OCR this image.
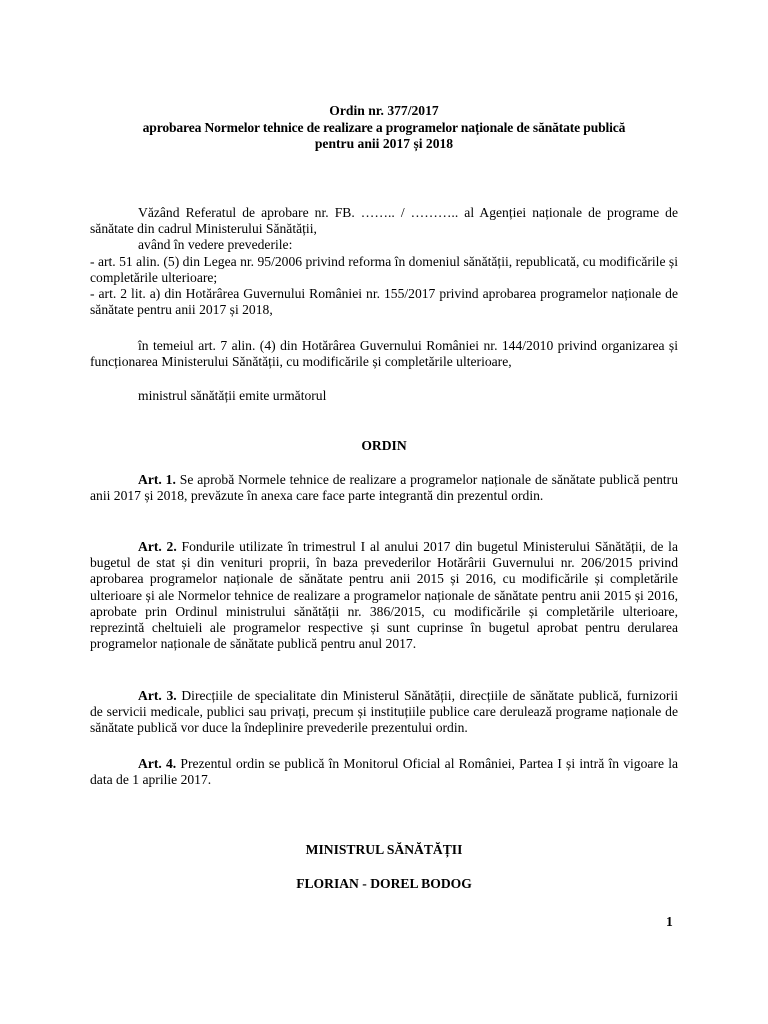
Ordin nr. 377/2017
aprobarea Normelor tehnice de realizare a programelor naționale de sănătate publică
pentru anii 2017 și 2018

Văzând Referatul de aprobare nr. FB. …….. / ……….. al Agenției naționale de programe de sănătate din cadrul Ministerului Sănătății,

având în vedere prevederile:

- art. 51 alin. (5) din Legea nr. 95/2006 privind reforma în domeniul sănătății, republicată, cu modificările și completările ulterioare;

- art. 2 lit. a) din Hotărârea Guvernului României nr. 155/2017 privind aprobarea programelor naționale de sănătate pentru anii 2017 și 2018,

în temeiul art. 7 alin. (4) din Hotărârea Guvernului României nr. 144/2010 privind organizarea și funcționarea Ministerului Sănătății, cu modificările și completările ulterioare,

ministrul sănătății emite următorul

ORDIN

Art. 1. Se aprobă Normele tehnice de realizare a programelor naționale de sănătate publică pentru anii 2017 și 2018, prevăzute în anexa care face parte integrantă din prezentul ordin.

Art. 2. Fondurile utilizate în trimestrul I al anului 2017 din bugetul Ministerului Sănătății, de la bugetul de stat și din venituri proprii, în baza prevederilor Hotărârii Guvernului nr. 206/2015 privind aprobarea programelor naționale de sănătate pentru anii 2015 și 2016, cu modificările și completările ulterioare și ale Normelor tehnice de realizare a programelor naționale de sănătate pentru anii 2015 și 2016, aprobate prin Ordinul ministrului sănătății nr. 386/2015, cu modificările și completările ulterioare, reprezintă cheltuieli ale programelor respective și sunt cuprinse în bugetul aprobat pentru derularea programelor naționale de sănătate publică pentru anul 2017.

Art. 3. Direcțiile de specialitate din Ministerul Sănătății, direcțiile de sănătate publică, furnizorii de servicii medicale, publici sau privați, precum și instituțiile publice care derulează programe naționale de sănătate publică vor duce la îndeplinire prevederile prezentului ordin.

Art. 4. Prezentul ordin se publică în Monitorul Oficial al României, Partea I și intră în vigoare la data de 1 aprilie 2017.

MINISTRUL SĂNĂTĂȚII
FLORIAN - DOREL BODOG
1
